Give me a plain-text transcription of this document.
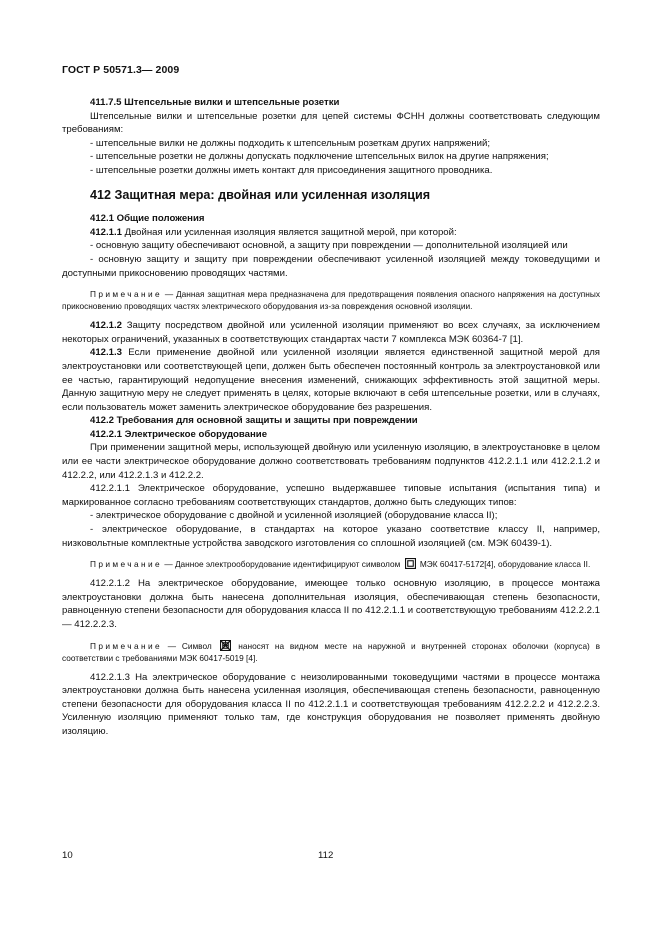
ГОСТ Р 50571.3— 2009

411.7.5 Штепсельные вилки и штепсельные розетки

Штепсельные вилки и штепсельные розетки для цепей системы ФСНН должны соответствовать следующим требованиям:

- штепсельные вилки не должны подходить к штепсельным розеткам других напряжений;

- штепсельные розетки не должны допускать подключение штепсельных вилок на другие напряжения;

- штепсельные розетки должны иметь контакт для присоединения защитного проводника.

412 Защитная мера: двойная или усиленная изоляция

412.1 Общие положения

412.1.1 Двойная или усиленная изоляция является защитной мерой, при которой:

- основную защиту обеспечивают основной, а защиту при повреждении — дополнительной изоляцией или

- основную защиту и защиту при повреждении обеспечивают усиленной изоляцией между токоведущими и доступными прикосновению проводящих частями.

Примечание — Данная защитная мера предназначена для предотвращения появления опасного напряжения на доступных прикосновению проводящих частях электрического оборудования из-за повреждения основной изоляции.

412.1.2 Защиту посредством двойной или усиленной изоляции применяют во всех случаях, за исключением некоторых ограничений, указанных в соответствующих стандартах части 7 комплекса МЭК 60364-7 [1].

412.1.3 Если применение двойной или усиленной изоляции является единственной защитной мерой для электроустановки или соответствующей цепи, должен быть обеспечен постоянный контроль за электроустановкой или ее частью, гарантирующий недопущение внесения изменений, снижающих эффективность этой защитной меры. Данную защитную меру не следует применять в целях, которые включают в себя штепсельные розетки, или в случаях, если пользователь может заменить электрическое оборудование без разрешения.

412.2 Требования для основной защиты и защиты при повреждении

412.2.1 Электрическое оборудование

При применении защитной меры, использующей двойную или усиленную изоляцию, в электроустановке в целом или ее части электрическое оборудование должно соответствовать требованиям подпунктов 412.2.1.1 или 412.2.1.2 и 412.2.2, или 412.2.1.3 и 412.2.2.

412.2.1.1 Электрическое оборудование, успешно выдержавшее типовые испытания (испытания типа) и маркированное согласно требованиям соответствующих стандартов, должно быть следующих типов:

- электрическое оборудование с двойной и усиленной изоляцией (оборудование класса II);

- электрическое оборудование, в стандартах на которое указано соответствие классу II, например, низковольтные комплектные устройства заводского изготовления со сплошной изоляцией (см. МЭК 60439-1).

Примечание — Данное электрооборудование идентифицируют символом  МЭК 60417-5172[4], оборудование класса II.

412.2.1.2 На электрическое оборудование, имеющее только основную изоляцию, в процессе монтажа электроустановки должна быть нанесена дополнительная изоляция, обеспечивающая степень безопасности, равноценную степени безопасности для оборудования класса II по 412.2.1.1 и соответствующую требованиям 412.2.2.1— 412.2.2.3.

Примечание — Символ  наносят на видном месте на наружной и внутренней сторонах оболочки (корпуса) в соответствии с требованиями МЭК 60417-5019 [4].

412.2.1.3 На электрическое оборудование с неизолированными токоведущими частями в процессе монтажа электроустановки должна быть нанесена усиленная изоляция, обеспечивающая степень безопасности, равноценную степени безопасности для оборудования класса II по 412.2.1.1 и соответствующая требованиям 412.2.2.2 и 412.2.2.3. Усиленную изоляцию применяют только там, где конструкция оборудования не позволяет применять двойную изоляцию.

10	112
